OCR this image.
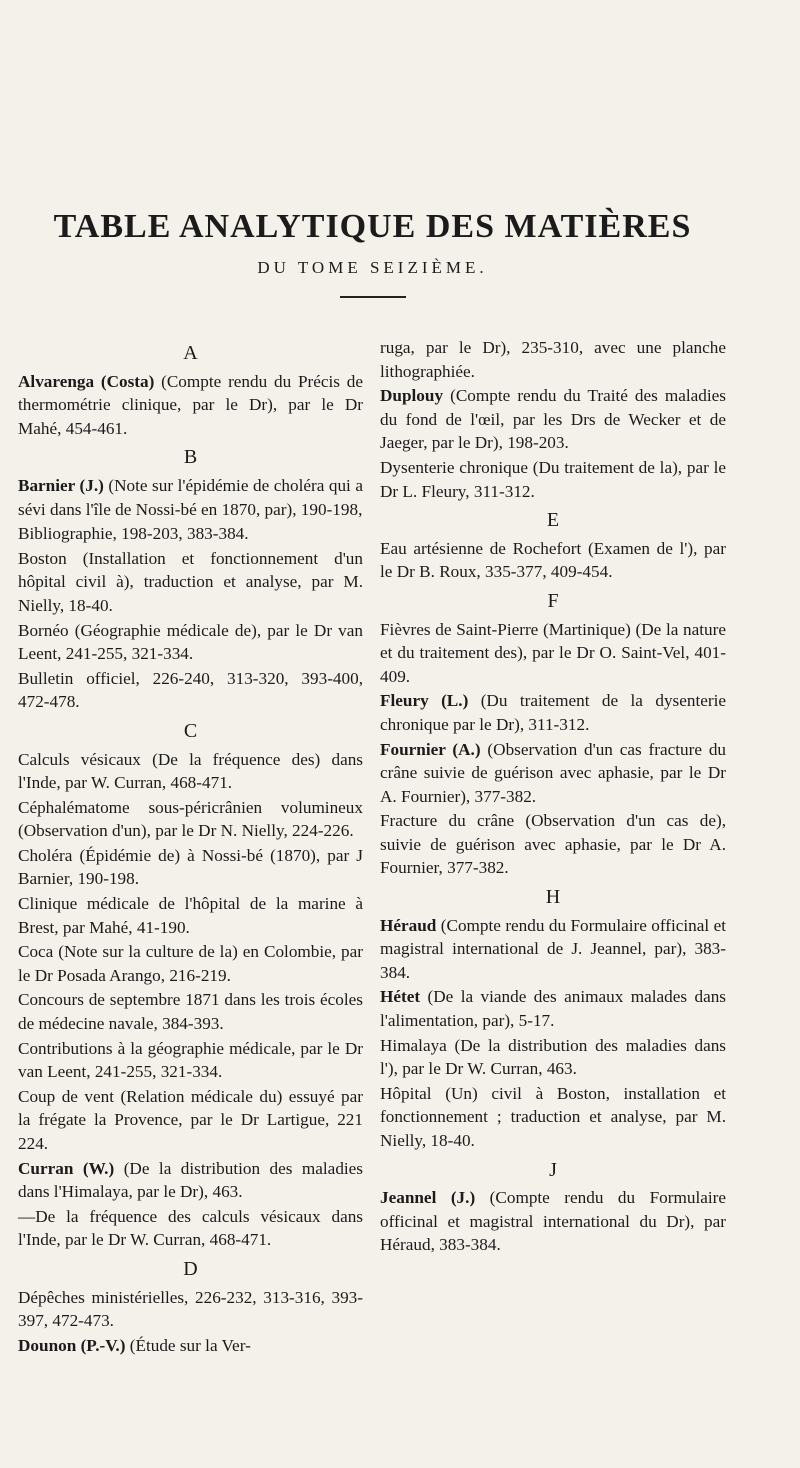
TABLE ANALYTIQUE DES MATIÈRES
DU TOME SEIZIÈME.
A
Alvarenga (Costa) (Compte rendu du Précis de thermométrie clinique, par le Dr), par le Dr Mahé, 454-461.
B
Barnier (J.) (Note sur l'épidémie de choléra qui a sévi dans l'île de Nossi-bé en 1870, par), 190-198,
Bibliographie, 198-203, 383-384.
Boston (Installation et fonctionnement d'un hôpital civil à), traduction et analyse, par M. Nielly, 18-40.
Bornéo (Géographie médicale de), par le Dr van Leent, 241-255, 321-334.
Bulletin officiel, 226-240, 313-320, 393-400, 472-478.
C
Calculs vésicaux (De la fréquence des) dans l'Inde, par W. Curran, 468-471.
Céphalématome sous-péricrânien volumineux (Observation d'un), par le Dr N. Nielly, 224-226.
Choléra (Épidémie de) à Nossi-bé (1870), par J Barnier, 190-198.
Clinique médicale de l'hôpital de la marine à Brest, par Mahé, 41-190.
Coca (Note sur la culture de la) en Colombie, par le Dr Posada Arango, 216-219.
Concours de septembre 1871 dans les trois écoles de médecine navale, 384-393.
Contributions à la géographie médicale, par le Dr van Leent, 241-255, 321-334.
Coup de vent (Relation médicale du) essuyé par la frégate la Provence, par le Dr Lartigue, 221 224.
Curran (W.) (De la distribution des maladies dans l'Himalaya, par le Dr), 463.
—De la fréquence des calculs vésicaux dans l'Inde, par le Dr W. Curran, 468-471.
D
Dépêches ministérielles, 226-232, 313-316, 393-397, 472-473.
Dounon (P.-V.) (Étude sur la Ver-
ruga, par le Dr), 235-310, avec une planche lithographiée.
Duplouy (Compte rendu du Traité des maladies du fond de l'œil, par les Drs de Wecker et de Jaeger, par le Dr), 198-203.
Dysenterie chronique (Du traitement de la), par le Dr L. Fleury, 311-312.
E
Eau artésienne de Rochefort (Examen de l'), par le Dr B. Roux, 335-377, 409-454.
F
Fièvres de Saint-Pierre (Martinique) (De la nature et du traitement des), par le Dr O. Saint-Vel, 401-409.
Fleury (L.) (Du traitement de la dysenterie chronique par le Dr), 311-312.
Fournier (A.) (Observation d'un cas fracture du crâne suivie de guérison avec aphasie, par le Dr A. Fournier), 377-382.
Fracture du crâne (Observation d'un cas de), suivie de guérison avec aphasie, par le Dr A. Fournier, 377-382.
H
Héraud (Compte rendu du Formulaire officinal et magistral international de J. Jeannel, par), 383-384.
Hétet (De la viande des animaux malades dans l'alimentation, par), 5-17.
Himalaya (De la distribution des maladies dans l'), par le Dr W. Curran, 463.
Hôpital (Un) civil à Boston, installation et fonctionnement ; traduction et analyse, par M. Nielly, 18-40.
J
Jeannel (J.) (Compte rendu du Formulaire officinal et magistral international du Dr), par Héraud, 383-384.
